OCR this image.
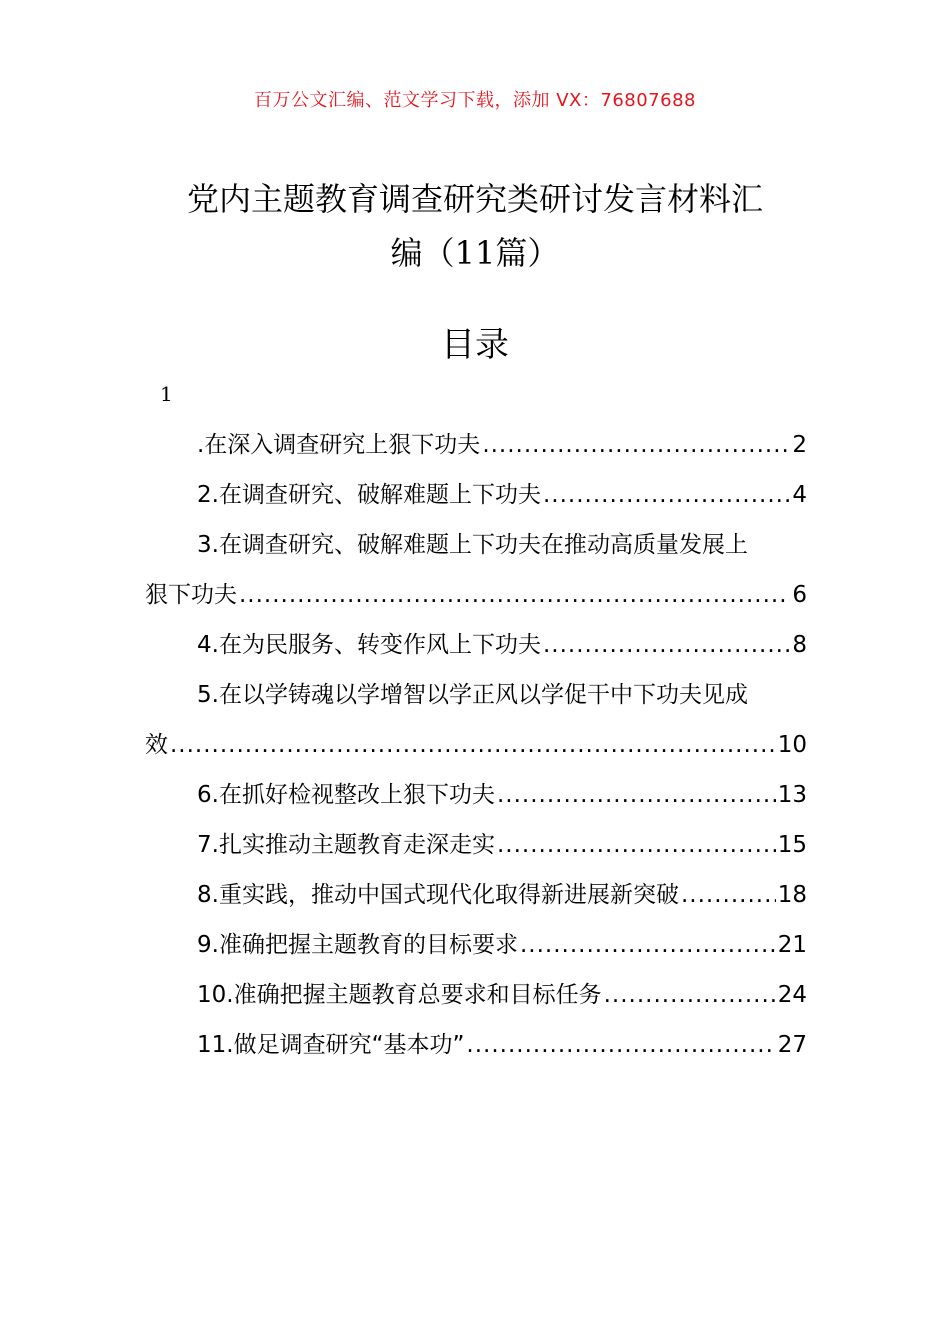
百万公文汇编、范文学习下载，添加 VX：76807688
党内主题教育调查研究类研讨发言材料汇
编（11篇）
目录
1
.在深入调查研究上狠下功夫 .....	2
2.在调查研究、破解难题上下功夫 .....	4
3.在调查研究、破解难题上下功夫在推动高质量发展上
狠下功夫 .....	6
4.在为民服务、转变作风上下功夫 .....	8
5.在以学铸魂以学增智以学正风以学促干中下功夫见成
效 .....	10
6.在抓好检视整改上狠下功夫 .....	13
7.扎实推动主题教育走深走实 .....	15
8.重实践，推动中国式现代化取得新进展新突破 .....	18
9.准确把握主题教育的目标要求 .....	21
10.准确把握主题教育总要求和目标任务 .....	24
11.做足调查研究“基本功” .....	27
